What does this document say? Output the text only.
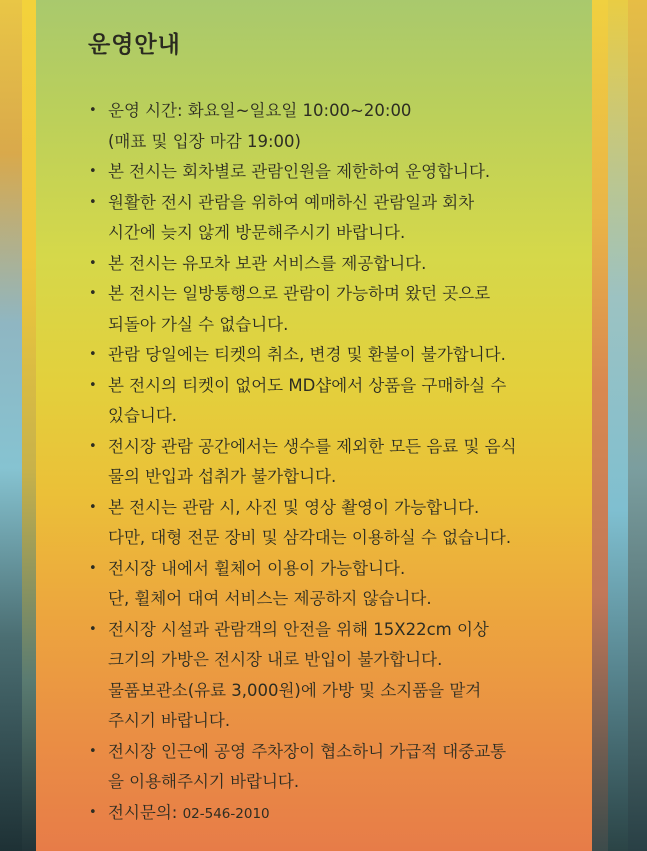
운영안내
• 운영 시간: 화요일~일요일 10:00~20:00
(매표 및 입장 마감 19:00)
• 본 전시는 회차별로 관람인원을 제한하여 운영합니다.
• 원활한 전시 관람을 위하여 예매하신 관람일과 회차
시간에 늦지 않게 방문해주시기 바랍니다.
• 본 전시는 유모차 보관 서비스를 제공합니다.
• 본 전시는 일방통행으로 관람이 가능하며 왔던 곳으로
되돌아 가실 수 없습니다.
• 관람 당일에는 티켓의 취소, 변경 및 환불이 불가합니다.
• 본 전시의 티켓이 없어도 MD샵에서 상품을 구매하실 수
있습니다.
• 전시장 관람 공간에서는 생수를 제외한 모든 음료 및 음식
물의 반입과 섭취가 불가합니다.
• 본 전시는 관람 시, 사진 및 영상 촬영이 가능합니다.
다만, 대형 전문 장비 및 삼각대는 이용하실 수 없습니다.
• 전시장 내에서 휠체어 이용이 가능합니다.
단, 휠체어 대여 서비스는 제공하지 않습니다.
• 전시장 시설과 관람객의 안전을 위해 15X22cm 이상
크기의 가방은 전시장 내로 반입이 불가합니다.
물품보관소(유료 3,000원)에 가방 및 소지품을 맡겨
주시기 바랍니다.
• 전시장 인근에 공영 주차장이 협소하니 가급적 대중교통
을 이용해주시기 바랍니다.
• 전시문의: 02-546-2010
